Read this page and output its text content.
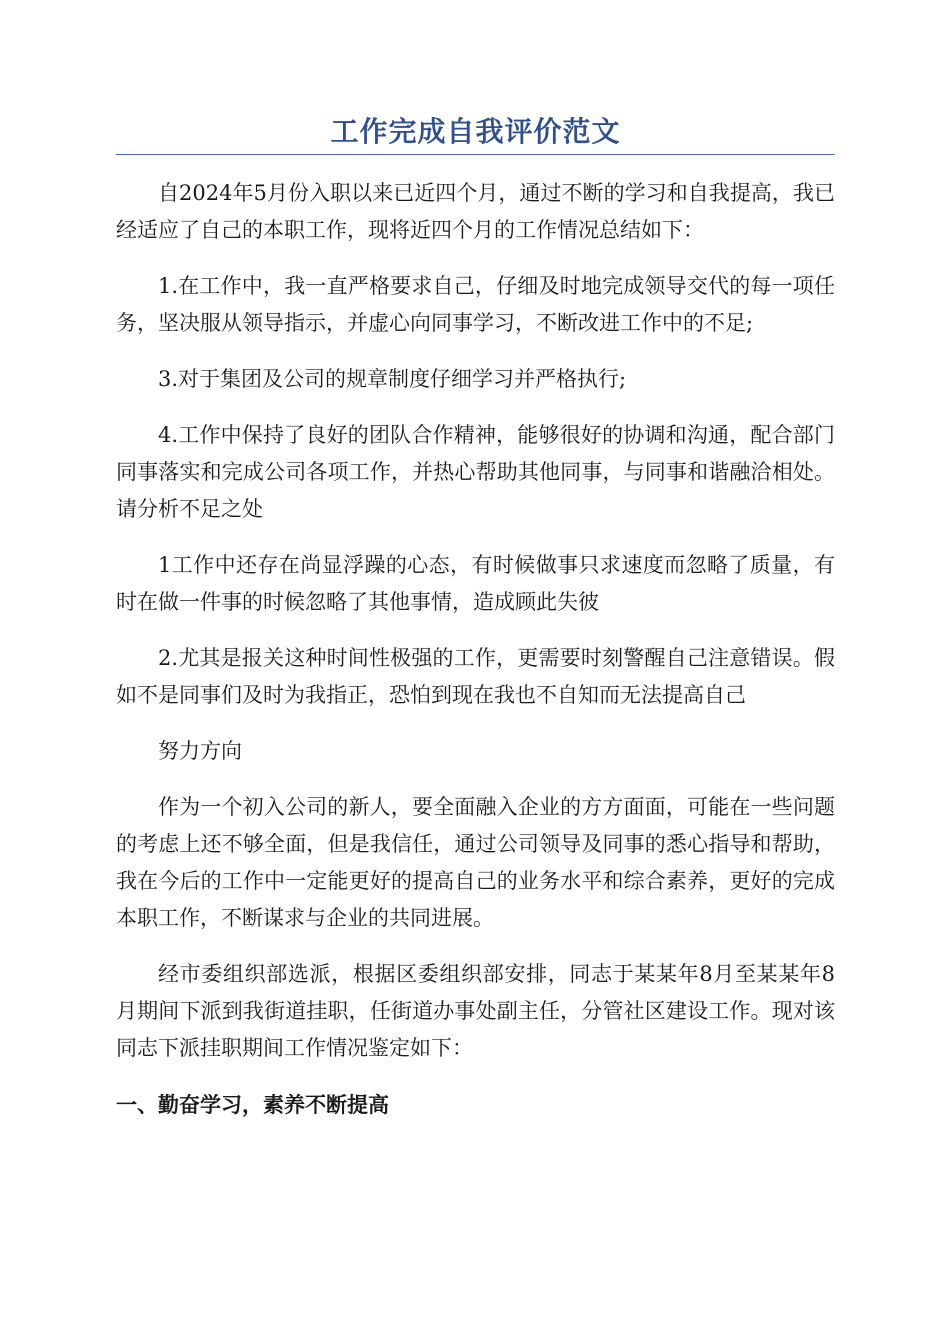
工作完成自我评价范文

自2024年5月份入职以来已近四个月，通过不断的学习和自我提高，我已经适应了自己的本职工作，现将近四个月的工作情况总结如下：

1.在工作中，我一直严格要求自己，仔细及时地完成领导交代的每一项任务，坚决服从领导指示，并虚心向同事学习，不断改进工作中的不足;

3.对于集团及公司的规章制度仔细学习并严格执行;

4.工作中保持了良好的团队合作精神，能够很好的协调和沟通，配合部门同事落实和完成公司各项工作，并热心帮助其他同事，与同事和谐融洽相处。请分析不足之处

1工作中还存在尚显浮躁的心态，有时候做事只求速度而忽略了质量，有时在做一件事的时候忽略了其他事情，造成顾此失彼

2.尤其是报关这种时间性极强的工作，更需要时刻警醒自己注意错误。假如不是同事们及时为我指正，恐怕到现在我也不自知而无法提高自己

努力方向

作为一个初入公司的新人，要全面融入企业的方方面面，可能在一些问题的考虑上还不够全面，但是我信任，通过公司领导及同事的悉心指导和帮助，我在今后的工作中一定能更好的提高自己的业务水平和综合素养，更好的完成本职工作，不断谋求与企业的共同进展。

经市委组织部选派，根据区委组织部安排，同志于某某年8月至某某年8月期间下派到我街道挂职，任街道办事处副主任，分管社区建设工作。现对该同志下派挂职期间工作情况鉴定如下：

一、勤奋学习，素养不断提高
